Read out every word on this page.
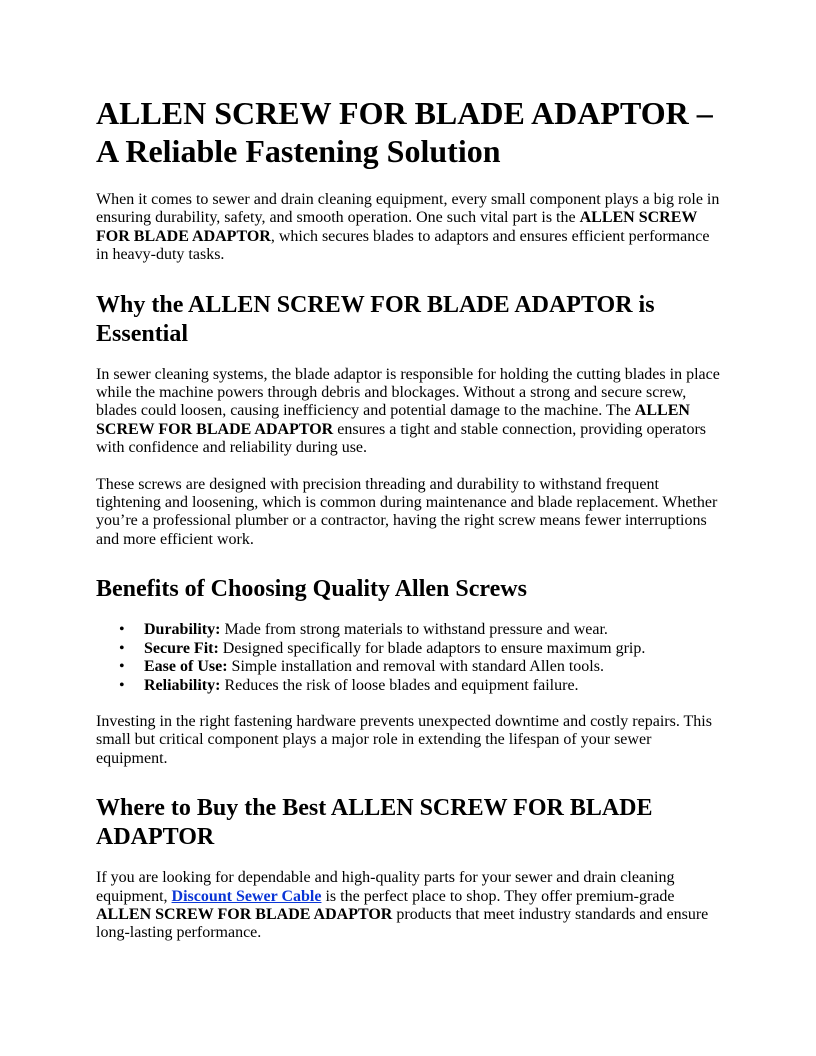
ALLEN SCREW FOR BLADE ADAPTOR – A Reliable Fastening Solution

When it comes to sewer and drain cleaning equipment, every small component plays a big role in ensuring durability, safety, and smooth operation. One such vital part is the ALLEN SCREW FOR BLADE ADAPTOR, which secures blades to adaptors and ensures efficient performance in heavy-duty tasks.

Why the ALLEN SCREW FOR BLADE ADAPTOR is Essential

In sewer cleaning systems, the blade adaptor is responsible for holding the cutting blades in place while the machine powers through debris and blockages. Without a strong and secure screw, blades could loosen, causing inefficiency and potential damage to the machine. The ALLEN SCREW FOR BLADE ADAPTOR ensures a tight and stable connection, providing operators with confidence and reliability during use.

These screws are designed with precision threading and durability to withstand frequent tightening and loosening, which is common during maintenance and blade replacement. Whether you’re a professional plumber or a contractor, having the right screw means fewer interruptions and more efficient work.

Benefits of Choosing Quality Allen Screws
• Durability: Made from strong materials to withstand pressure and wear.
• Secure Fit: Designed specifically for blade adaptors to ensure maximum grip.
• Ease of Use: Simple installation and removal with standard Allen tools.
• Reliability: Reduces the risk of loose blades and equipment failure.

Investing in the right fastening hardware prevents unexpected downtime and costly repairs. This small but critical component plays a major role in extending the lifespan of your sewer equipment.

Where to Buy the Best ALLEN SCREW FOR BLADE ADAPTOR

If you are looking for dependable and high-quality parts for your sewer and drain cleaning equipment, Discount Sewer Cable is the perfect place to shop. They offer premium-grade ALLEN SCREW FOR BLADE ADAPTOR products that meet industry standards and ensure long-lasting performance.
